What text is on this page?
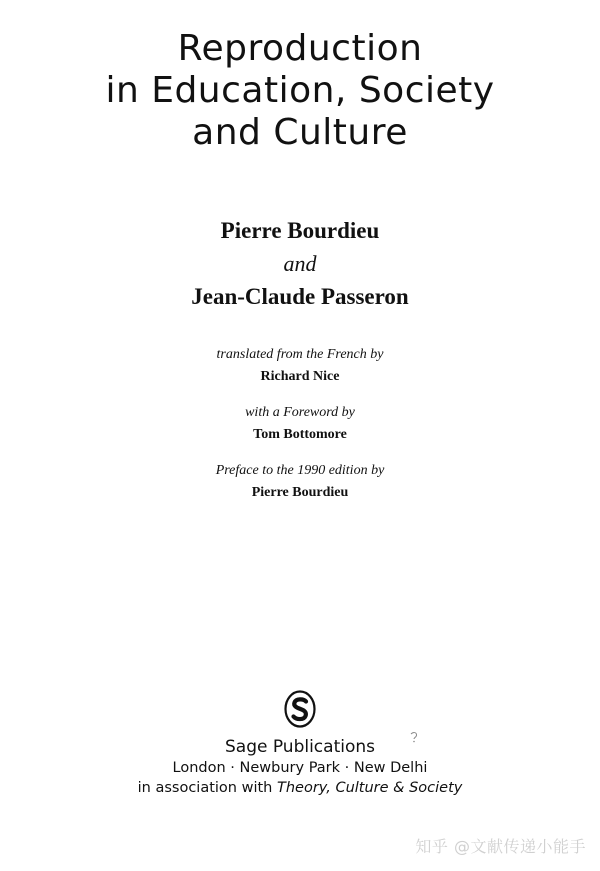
Reproduction
in Education, Society
and Culture
Pierre Bourdieu
and
Jean-Claude Passeron
translated from the French by
Richard Nice
with a Foreword by
Tom Bottomore
Preface to the 1990 edition by
Pierre Bourdieu
Sage Publications
London · Newbury Park · New Delhi
in association with Theory, Culture & Society
知乎 @文献传递小能手
